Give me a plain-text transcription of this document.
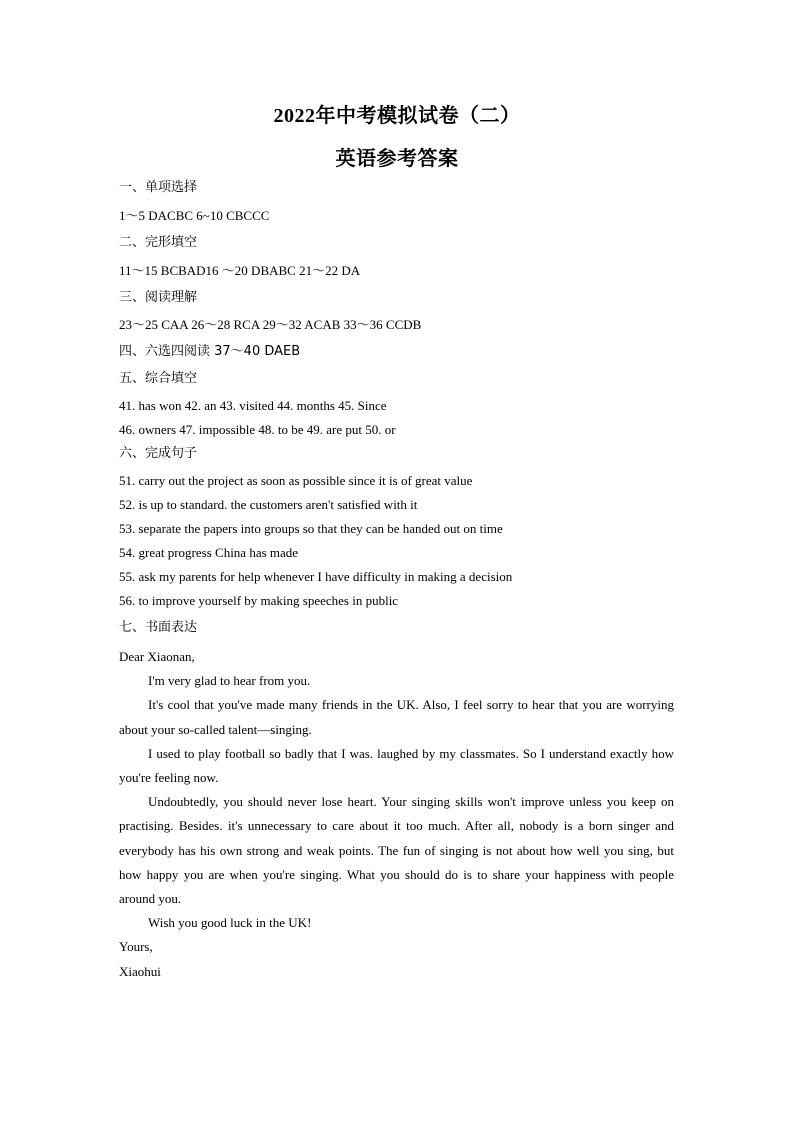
2022年中考模拟试卷（二）
英语参考答案
一、单项选择
1～5 DACBC 6~10 CBCCC
二、完形填空
11～15 BCBAD16 ～20 DBABC 21～22 DA
三、阅读理解
23～25 CAA 26～28 RCA 29～32 ACAB 33～36 CCDB
四、六选四阅读 37～40 DAEB
五、综合填空
41. has won 42. an 43. visited 44. months 45. Since
46. owners 47. impossible 48. to be 49. are put 50. or
六、完成句子
51. carry out the project as soon as possible since it is of great value
52. is up to standard. the customers aren't satisfied with it
53. separate the papers into groups so that they can be handed out on time
54. great progress China has made
55. ask my parents for help whenever I have difficulty in making a decision
56. to improve yourself by making speeches in public
七、书面表达

Dear Xiaonan,

I'm very glad to hear from you.

It's cool that you've made many friends in the UK. Also, I feel sorry to hear that you are worrying about your so-called talent—singing.

I used to play football so badly that I was. laughed by my classmates. So I understand exactly how you're feeling now.

Undoubtedly, you should never lose heart. Your singing skills won't improve unless you keep on practising. Besides. it's unnecessary to care about it too much. After all, nobody is a born singer and everybody has his own strong and weak points. The fun of singing is not about how well you sing, but how happy you are when you're singing. What you should do is to share your happiness with people around you.

Wish you good luck in the UK!

Yours,

Xiaohui
